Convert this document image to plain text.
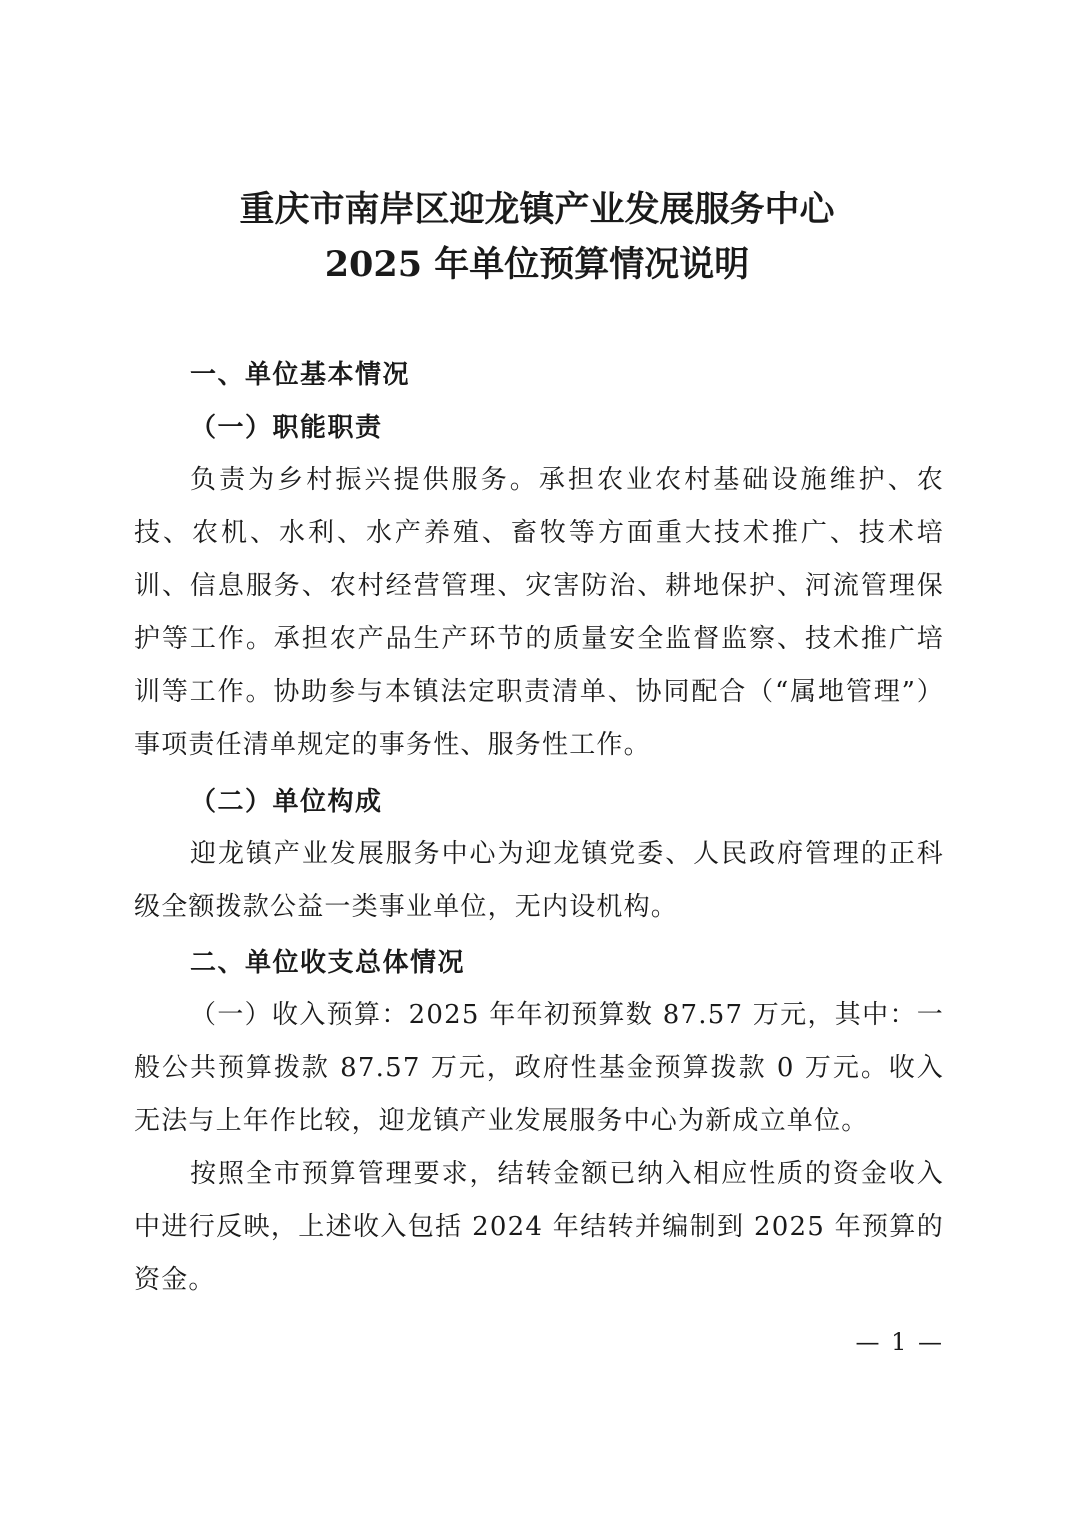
重庆市南岸区迎龙镇产业发展服务中心
2025 年单位预算情况说明
一、单位基本情况
（一）职能职责

负责为乡村振兴提供服务。承担农业农村基础设施维护、农技、农机、水利、水产养殖、畜牧等方面重大技术推广、技术培训、信息服务、农村经营管理、灾害防治、耕地保护、河流管理保护等工作。承担农产品生产环节的质量安全监督监察、技术推广培训等工作。协助参与本镇法定职责清单、协同配合（“属地管理”）事项责任清单规定的事务性、服务性工作。

（二）单位构成

迎龙镇产业发展服务中心为迎龙镇党委、人民政府管理的正科级全额拨款公益一类事业单位，无内设机构。

二、单位收支总体情况

（一）收入预算：2025 年年初预算数 87.57 万元，其中：一般公共预算拨款 87.57 万元，政府性基金预算拨款 0 万元。收入无法与上年作比较，迎龙镇产业发展服务中心为新成立单位。

按照全市预算管理要求，结转金额已纳入相应性质的资金收入中进行反映，上述收入包括 2024 年结转并编制到 2025 年预算的资金。

— 1 —
